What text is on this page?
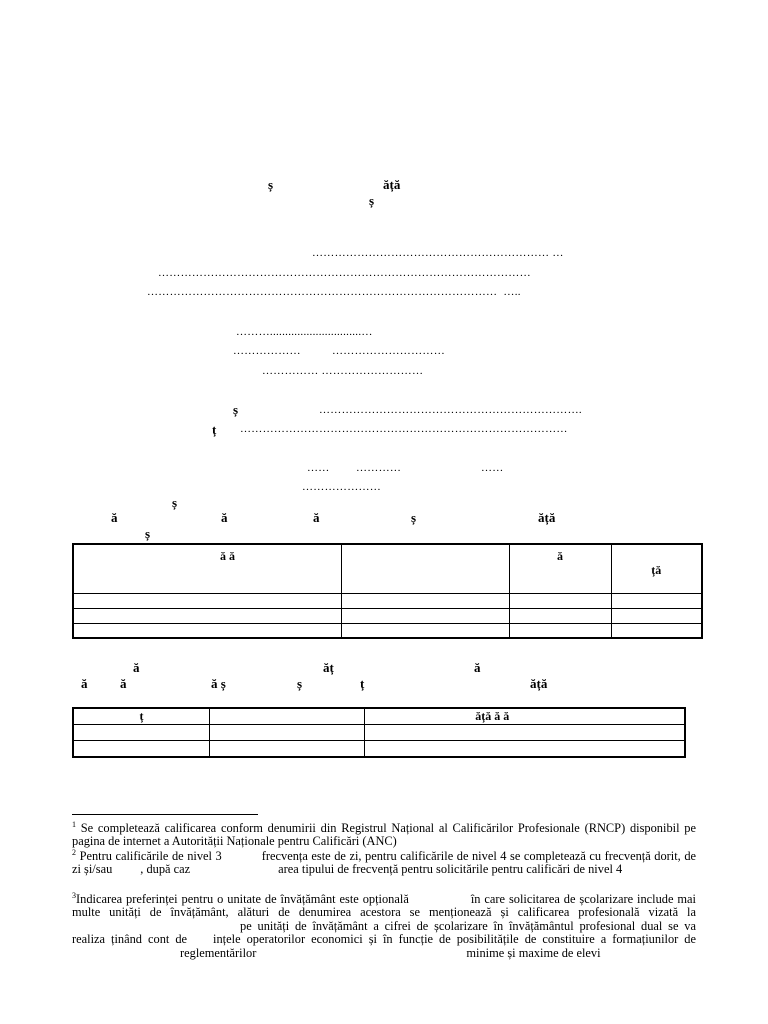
ș	ăță
ș
……………………………………………………… …
………………………………………………………………………………………
…………………………………………………………………………………  …..
………..............................…
………………	…………………………
…………… ………………………
ș	…………………………………………………………….
ț ……………………………………………………………………………
…… …………	……
…………………
ș
ă	ă	ă	ș	ăță
ș
ă ă		ă	ță

ă	ăț	ă
ă	ă	ă ș	ș	ț	ăță
ț		ăță ă ă

$^1$ Se completează calificarea conform denumirii din Registrul Național al Calificărilor Profesionale (RNCP) disponibil pe pagina de internet a Autorității Naționale pentru Calificări (ANC)
$^2$ Pentru calificările de nivel 3	frecvența este de zi, pentru calificările de nivel 4 se completează cu frecvență dorit, de zi și/sau , după caz	area tipului de frecvență pentru solicitările pentru calificări de nivel 4
$^3$Indicarea preferinței pentru o unitate de învățământ este opțională	în care solicitarea de școlarizare include mai multe unități de învățământ, alături de denumirea acestora se menționează și calificarea profesională vizată lape unități de învățământ a cifrei de școlarizare în învățământul profesional dual se va realiza ținând cont de ințele operatorilor economici și în funcție de posibilitățile de constituire a formațiunilor dereglementărilor	minime și maxime de elevi
